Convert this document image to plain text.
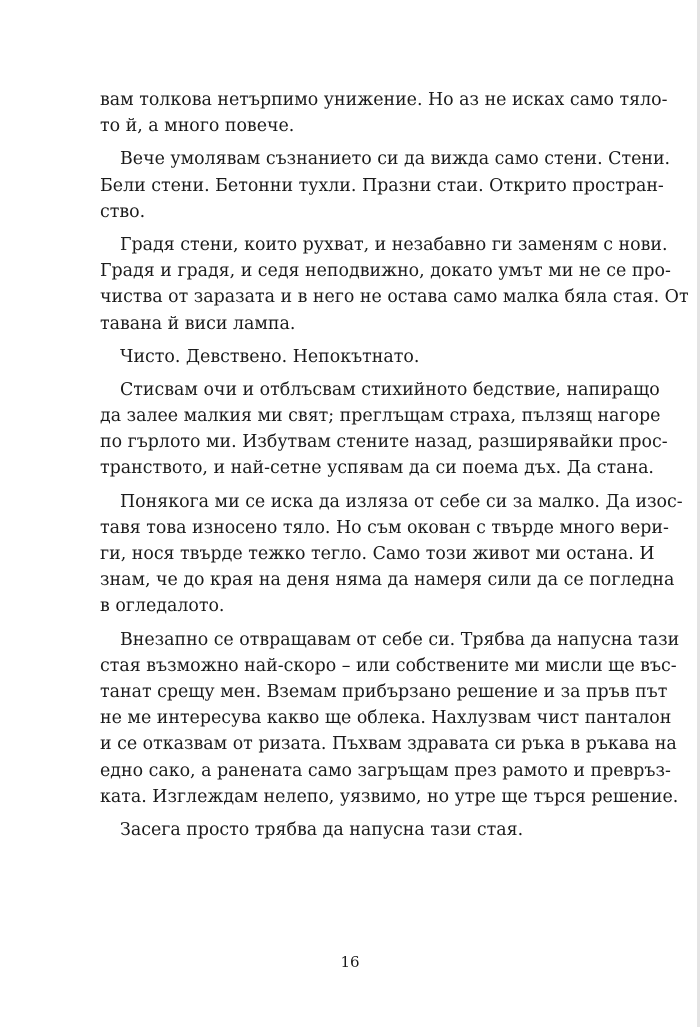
вам толкова нетърпимо унижение. Но аз не исках само тяло-
то й, а много повече.
Вече умолявам съзнанието си да вижда само стени. Стени.
Бели стени. Бетонни тухли. Празни стаи. Открито простран-
ство.
Градя стени, които рухват, и незабавно ги заменям с нови.
Градя и градя, и седя неподвижно, докато умът ми не се про-
чиства от заразата и в него не остава само малка бяла стая. От
тавана й виси лампа.
Чисто. Девствено. Непокътнато.
Стисвам очи и отблъсвам стихийното бедствие, напиращо
да залее малкия ми свят; преглъщам страха, пълзящ нагоре
по гърлото ми. Избутвам стените назад, разширявайки прос-
транството, и най-сетне успявам да си поема дъх. Да стана.
Понякога ми се иска да изляза от себе си за малко. Да изос-
тавя това износено тяло. Но съм окован с твърде много вери-
ги, нося твърде тежко тегло. Само този живот ми остана. И
знам, че до края на деня няма да намеря сили да се погледна
в огледалото.
Внезапно се отвращавам от себе си. Трябва да напусна тази
стая възможно най-скоро – или собствените ми мисли ще въс-
танат срещу мен. Вземам прибързано решение и за пръв път
не ме интересува какво ще облека. Нахлузвам чист панталон
и се отказвам от ризата. Пъхвам здравата си ръка в ръкава на
едно сако, а ранената само загръщам през рамото и превръз-
ката. Изглеждам нелепо, уязвимо, но утре ще търся решение.
Засега просто трябва да напусна тази стая.
16
